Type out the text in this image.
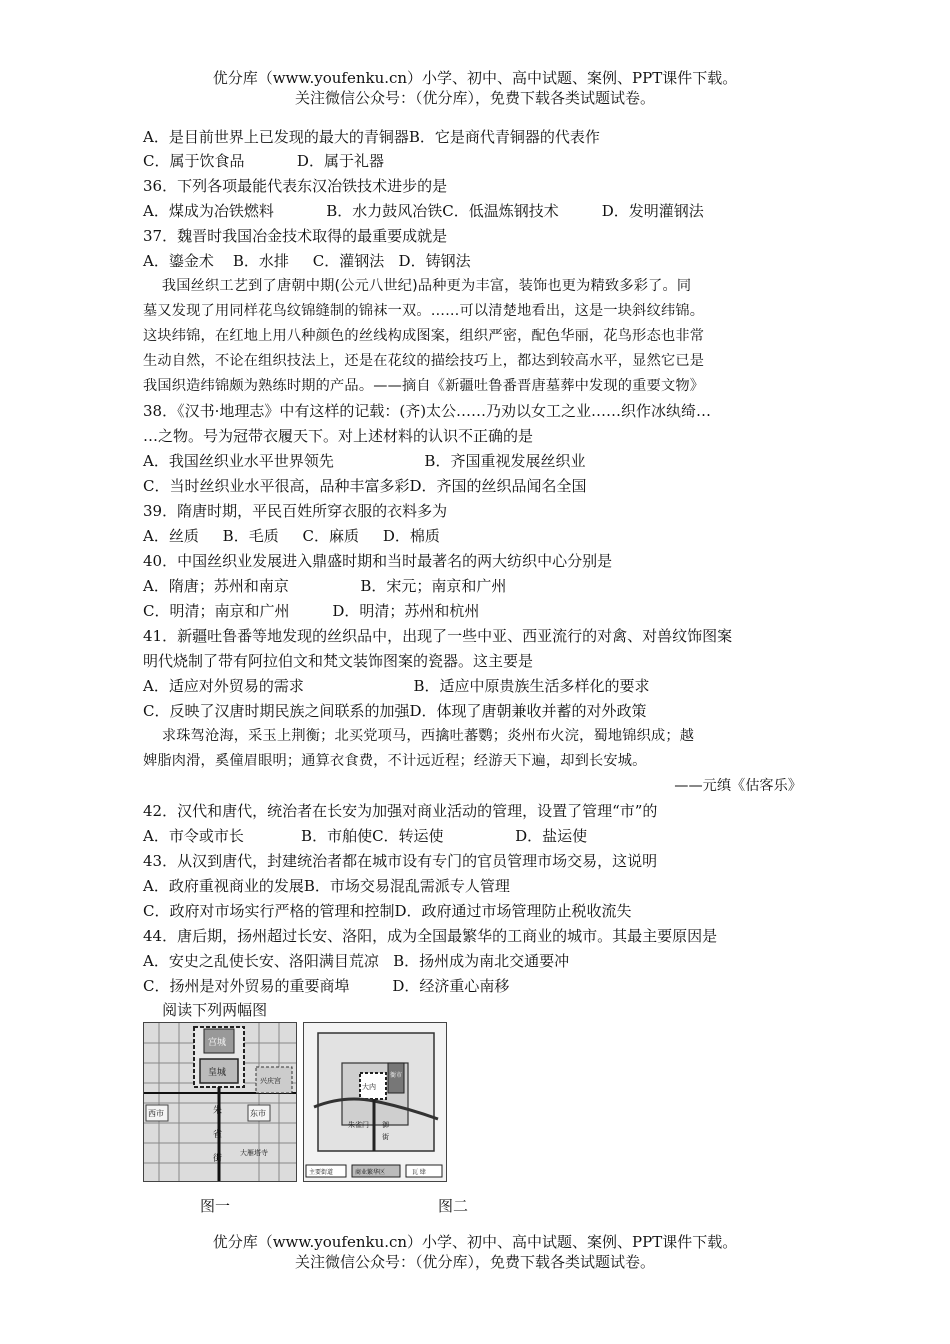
优分库（www.youfenku.cn）小学、初中、高中试题、案例、PPT课件下载。
关注微信公众号：（优分库），免费下载各类试题试卷。
A．是目前世界上已发现的最大的青铜器B．它是商代青铜器的代表作
C．属于饮食品           D．属于礼器
36．下列各项最能代表东汉冶铁技术进步的是
A．煤成为冶铁燃料           B．水力鼓风冶铁C．低温炼钢技术         D．发明灌钢法
37．魏晋时我国冶金技术取得的最重要成就是
A．鎏金术    B．水排     C．灌钢法   D．铸钢法
我国丝织工艺到了唐朝中期(公元八世纪)品种更为丰富，装饰也更为精致多彩了。同
墓又发现了用同样花鸟纹锦缝制的锦袜一双。……可以清楚地看出，这是一块斜纹纬锦。
这块纬锦，在红地上用八种颜色的丝线构成图案，组织严密，配色华丽，花鸟形态也非常
生动自然，不论在组织技法上，还是在花纹的描绘技巧上，都达到较高水平，显然它已是
我国织造纬锦颇为熟练时期的产品。——摘自《新疆吐鲁番晋唐墓葬中发现的重要文物》
38．《汉书·地理志》中有这样的记载：(齐)太公……乃劝以女工之业……织作冰纨绮…
…之物。号为冠带衣履天下。对上述材料的认识不正确的是
A．我国丝织业水平世界领先                   B．齐国重视发展丝织业
C．当时丝织业水平很高，品种丰富多彩D．齐国的丝织品闻名全国
39．隋唐时期，平民百姓所穿衣服的衣料多为
A．丝质     B．毛质     C．麻质     D．棉质
40．中国丝织业发展进入鼎盛时期和当时最著名的两大纺织中心分别是
A．隋唐；苏州和南京               B．宋元；南京和广州
C．明清；南京和广州         D．明清；苏州和杭州
41．新疆吐鲁番等地发现的丝织品中，出现了一些中亚、西亚流行的对禽、对兽纹饰图案
明代烧制了带有阿拉伯文和梵文装饰图案的瓷器。这主要是
A．适应对外贸易的需求                       B．适应中原贵族生活多样化的要求
C．反映了汉唐时期民族之间联系的加强D．体现了唐朝兼收并蓄的对外政策
求珠驾沧海，采玉上荆衡；北买党项马，西擒吐蕃鹦；炎州布火浣，蜀地锦织成；越
婢脂肉滑，奚僮眉眼明；通算衣食费，不计远近程；经游天下遍，却到长安城。
——元缜《估客乐》
42．汉代和唐代，统治者在长安为加强对商业活动的管理，设置了管理“市”的
A．市令或市长            B．市舶使C．转运使               D．盐运使
43．从汉到唐代，封建统治者都在城市设有专门的官员管理市场交易，这说明
A．政府重视商业的发展B．市场交易混乱需派专人管理
C．政府对市场实行严格的管理和控制D．政府通过市场管理防止税收流失
44．唐后期，扬州超过长安、洛阳，成为全国最繁华的工商业的城市。其最主要原因是
A．安史之乱使长安、洛阳满目荒凉   B．扬州成为南北交通要冲
C．扬州是对外贸易的重要商埠         D．经济重心南移
阅读下列两幅图
宫城
皇城
西市	东市
兴庆宫
朱
雀
街
大雁塔寺
大内
衙市
朱雀门 御
街
主要街道	商业繁华区	瓦 肆
图一	图二
优分库（www.youfenku.cn）小学、初中、高中试题、案例、PPT课件下载。
关注微信公众号：（优分库），免费下载各类试题试卷。
